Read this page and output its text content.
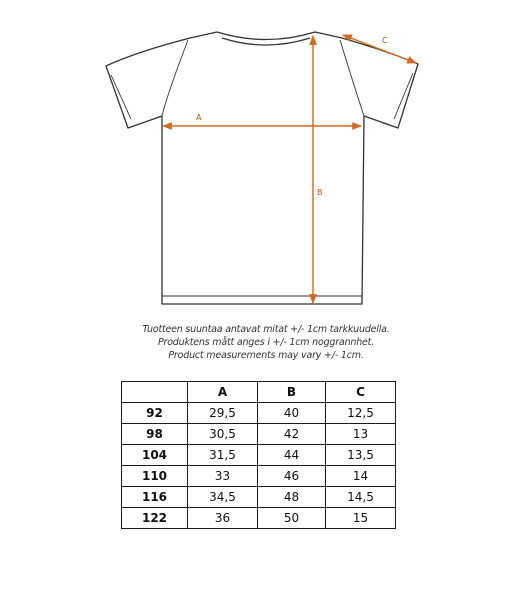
A
B
C
Tuotteen suuntaa antavat mitat +/- 1cm tarkkuudella.
Produktens mått anges i +/- 1cm noggrannhet.
Product measurements may vary +/- 1cm.
	A	B	C
92	29,5	40	12,5
98	30,5	42	13
104	31,5	44	13,5
110	33	46	14
116	34,5	48	14,5
122	36	50	15
